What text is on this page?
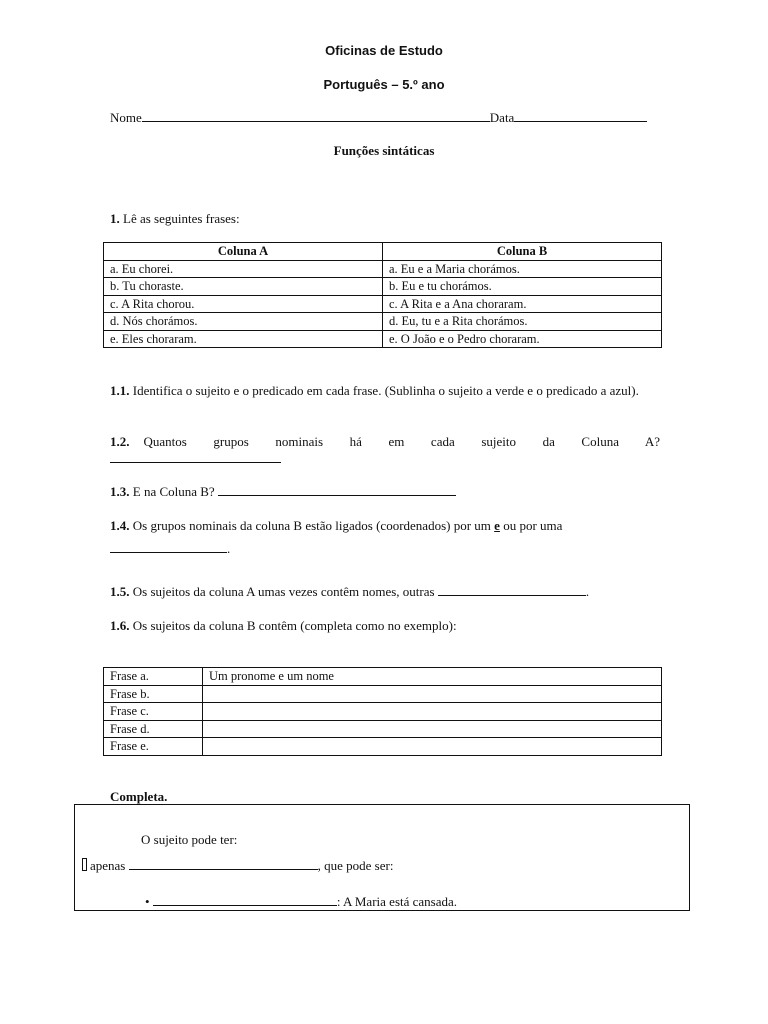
Oficinas de Estudo
Português – 5.º ano
Nome	Data
Funções sintáticas
1. Lê as seguintes frases:
Coluna A	Coluna B
a. Eu chorei.	a. Eu e a Maria chorámos.
b. Tu choraste.	b. Eu e tu chorámos.
c. A Rita chorou.	c. A Rita e a Ana choraram.
d. Nós chorámos.	d. Eu, tu e a Rita chorámos.
e. Eles choraram.	e. O João e o Pedro choraram.
1.1. Identifica o sujeito e o predicado em cada frase. (Sublinha o sujeito a verde e o predicado a azul).
1.2. Quantos grupos nominais há em cada sujeito da Coluna A?
1.3. E na Coluna B?
1.4. Os grupos nominais da coluna B estão ligados (coordenados) por um e ou por uma
.
1.5. Os sujeitos da coluna A umas vezes contêm nomes, outras	.
1.6. Os sujeitos da coluna B contêm (completa como no exemplo):
Frase a.	Um pronome e um nome
Frase b.	
Frase c.	
Frase d.	
Frase e.	
Completa.
O sujeito pode ter:
apenas	, que pode ser:
•	: A Maria está cansada.
